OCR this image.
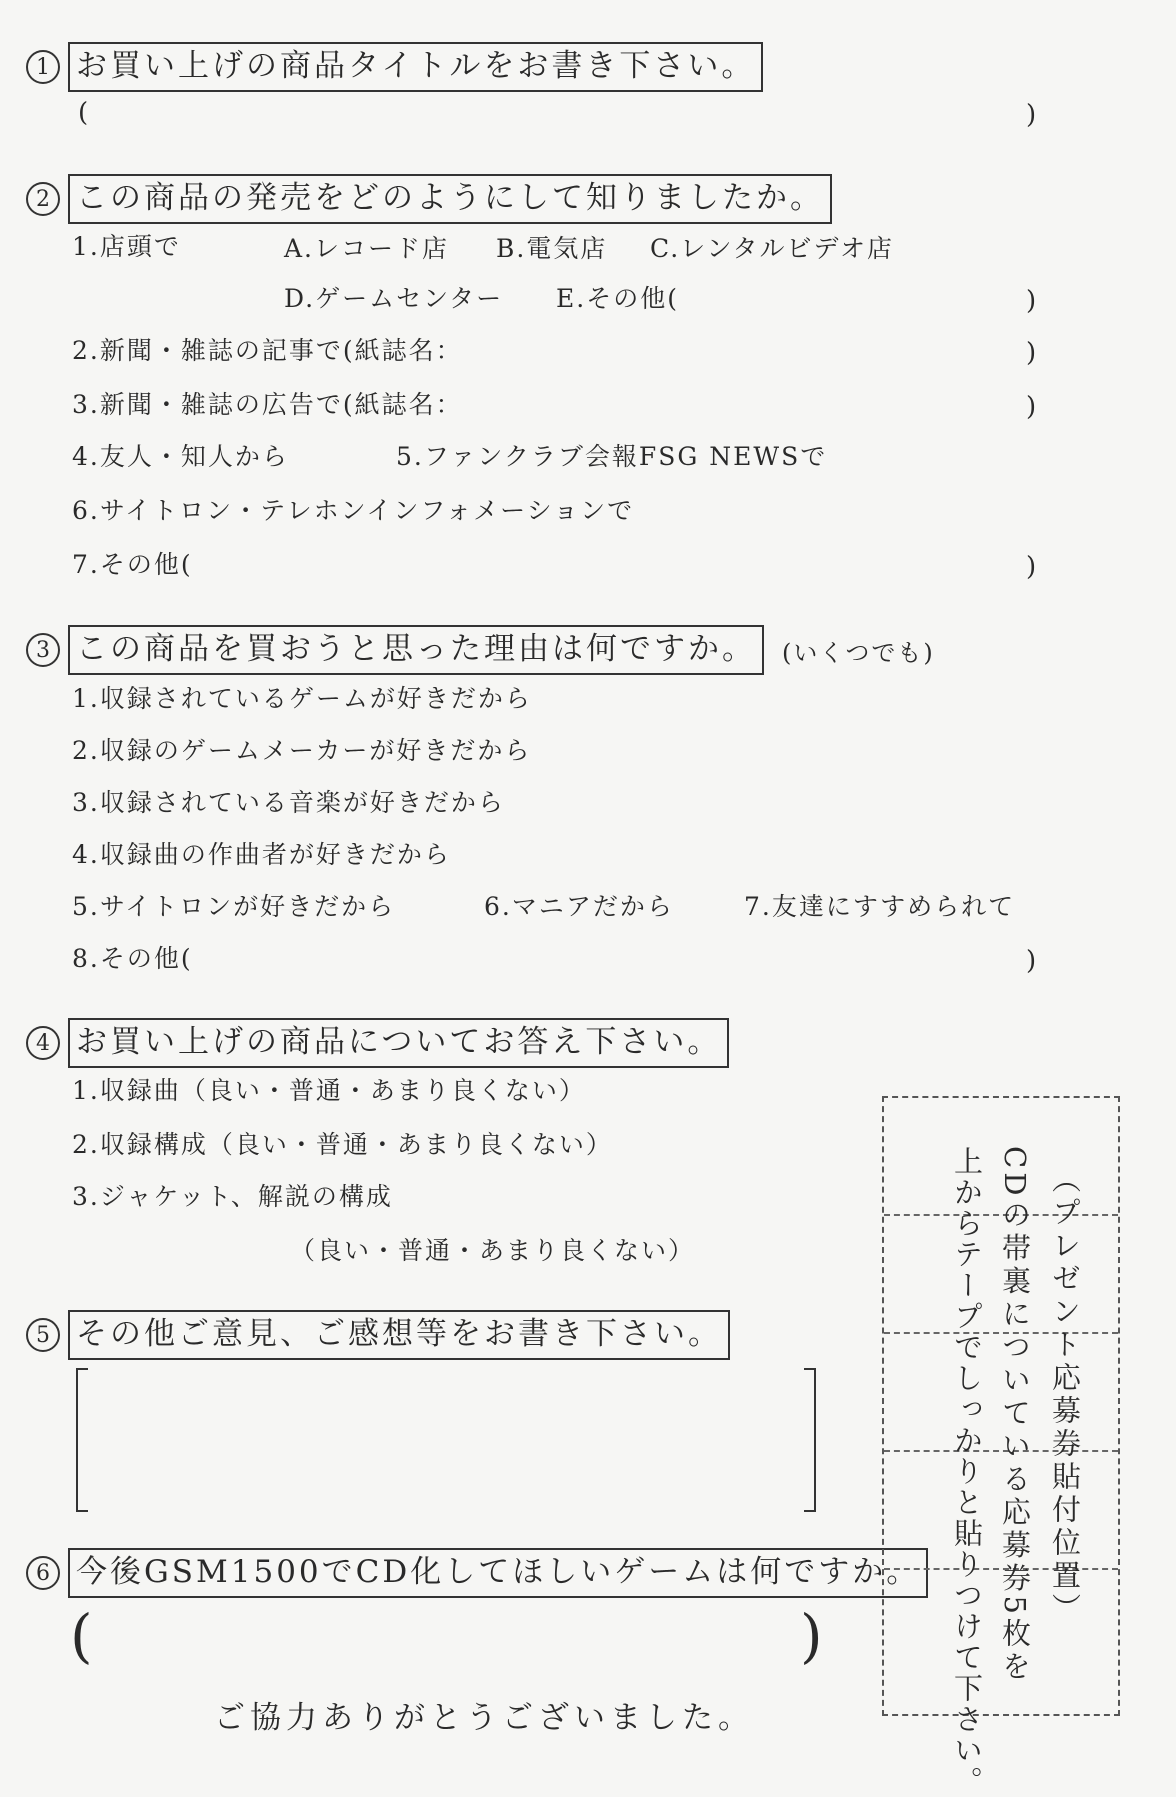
1 お買い上げの商品タイトルをお書き下さい。
(	)
2 この商品の発売をどのようにして知りましたか。
1.店頭で	A.レコード店 B.電気店 C.レンタルビデオ店
D.ゲームセンター E.その他(	)
2.新聞・雑誌の記事で(紙誌名：	)
3.新聞・雑誌の広告で(紙誌名：	)
4.友人・知人から	5.ファンクラブ会報FSG NEWSで
6.サイトロン・テレホンインフォメーションで
7.その他(	)
3 この商品を買おうと思った理由は何ですか。	(いくつでも)
1.収録されているゲームが好きだから
2.収録のゲームメーカーが好きだから
3.収録されている音楽が好きだから
4.収録曲の作曲者が好きだから
5.サイトロンが好きだから	6.マニアだから	7.友達にすすめられて
8.その他(	)
4 お買い上げの商品についてお答え下さい。
1.収録曲（良い・普通・あまり良くない）
2.収録構成（良い・普通・あまり良くない）
3.ジャケット、解説の構成
（良い・普通・あまり良くない）
5 その他ご意見、ご感想等をお書き下さい。
6 今後GSM1500でCD化してほしいゲームは何ですか。
(	)
（プレゼント応募券貼付位置）
CDの帯裏についている応募券5枚を
上からテープでしっかりと貼りつけて下さい。
ご協力ありがとうございました。
